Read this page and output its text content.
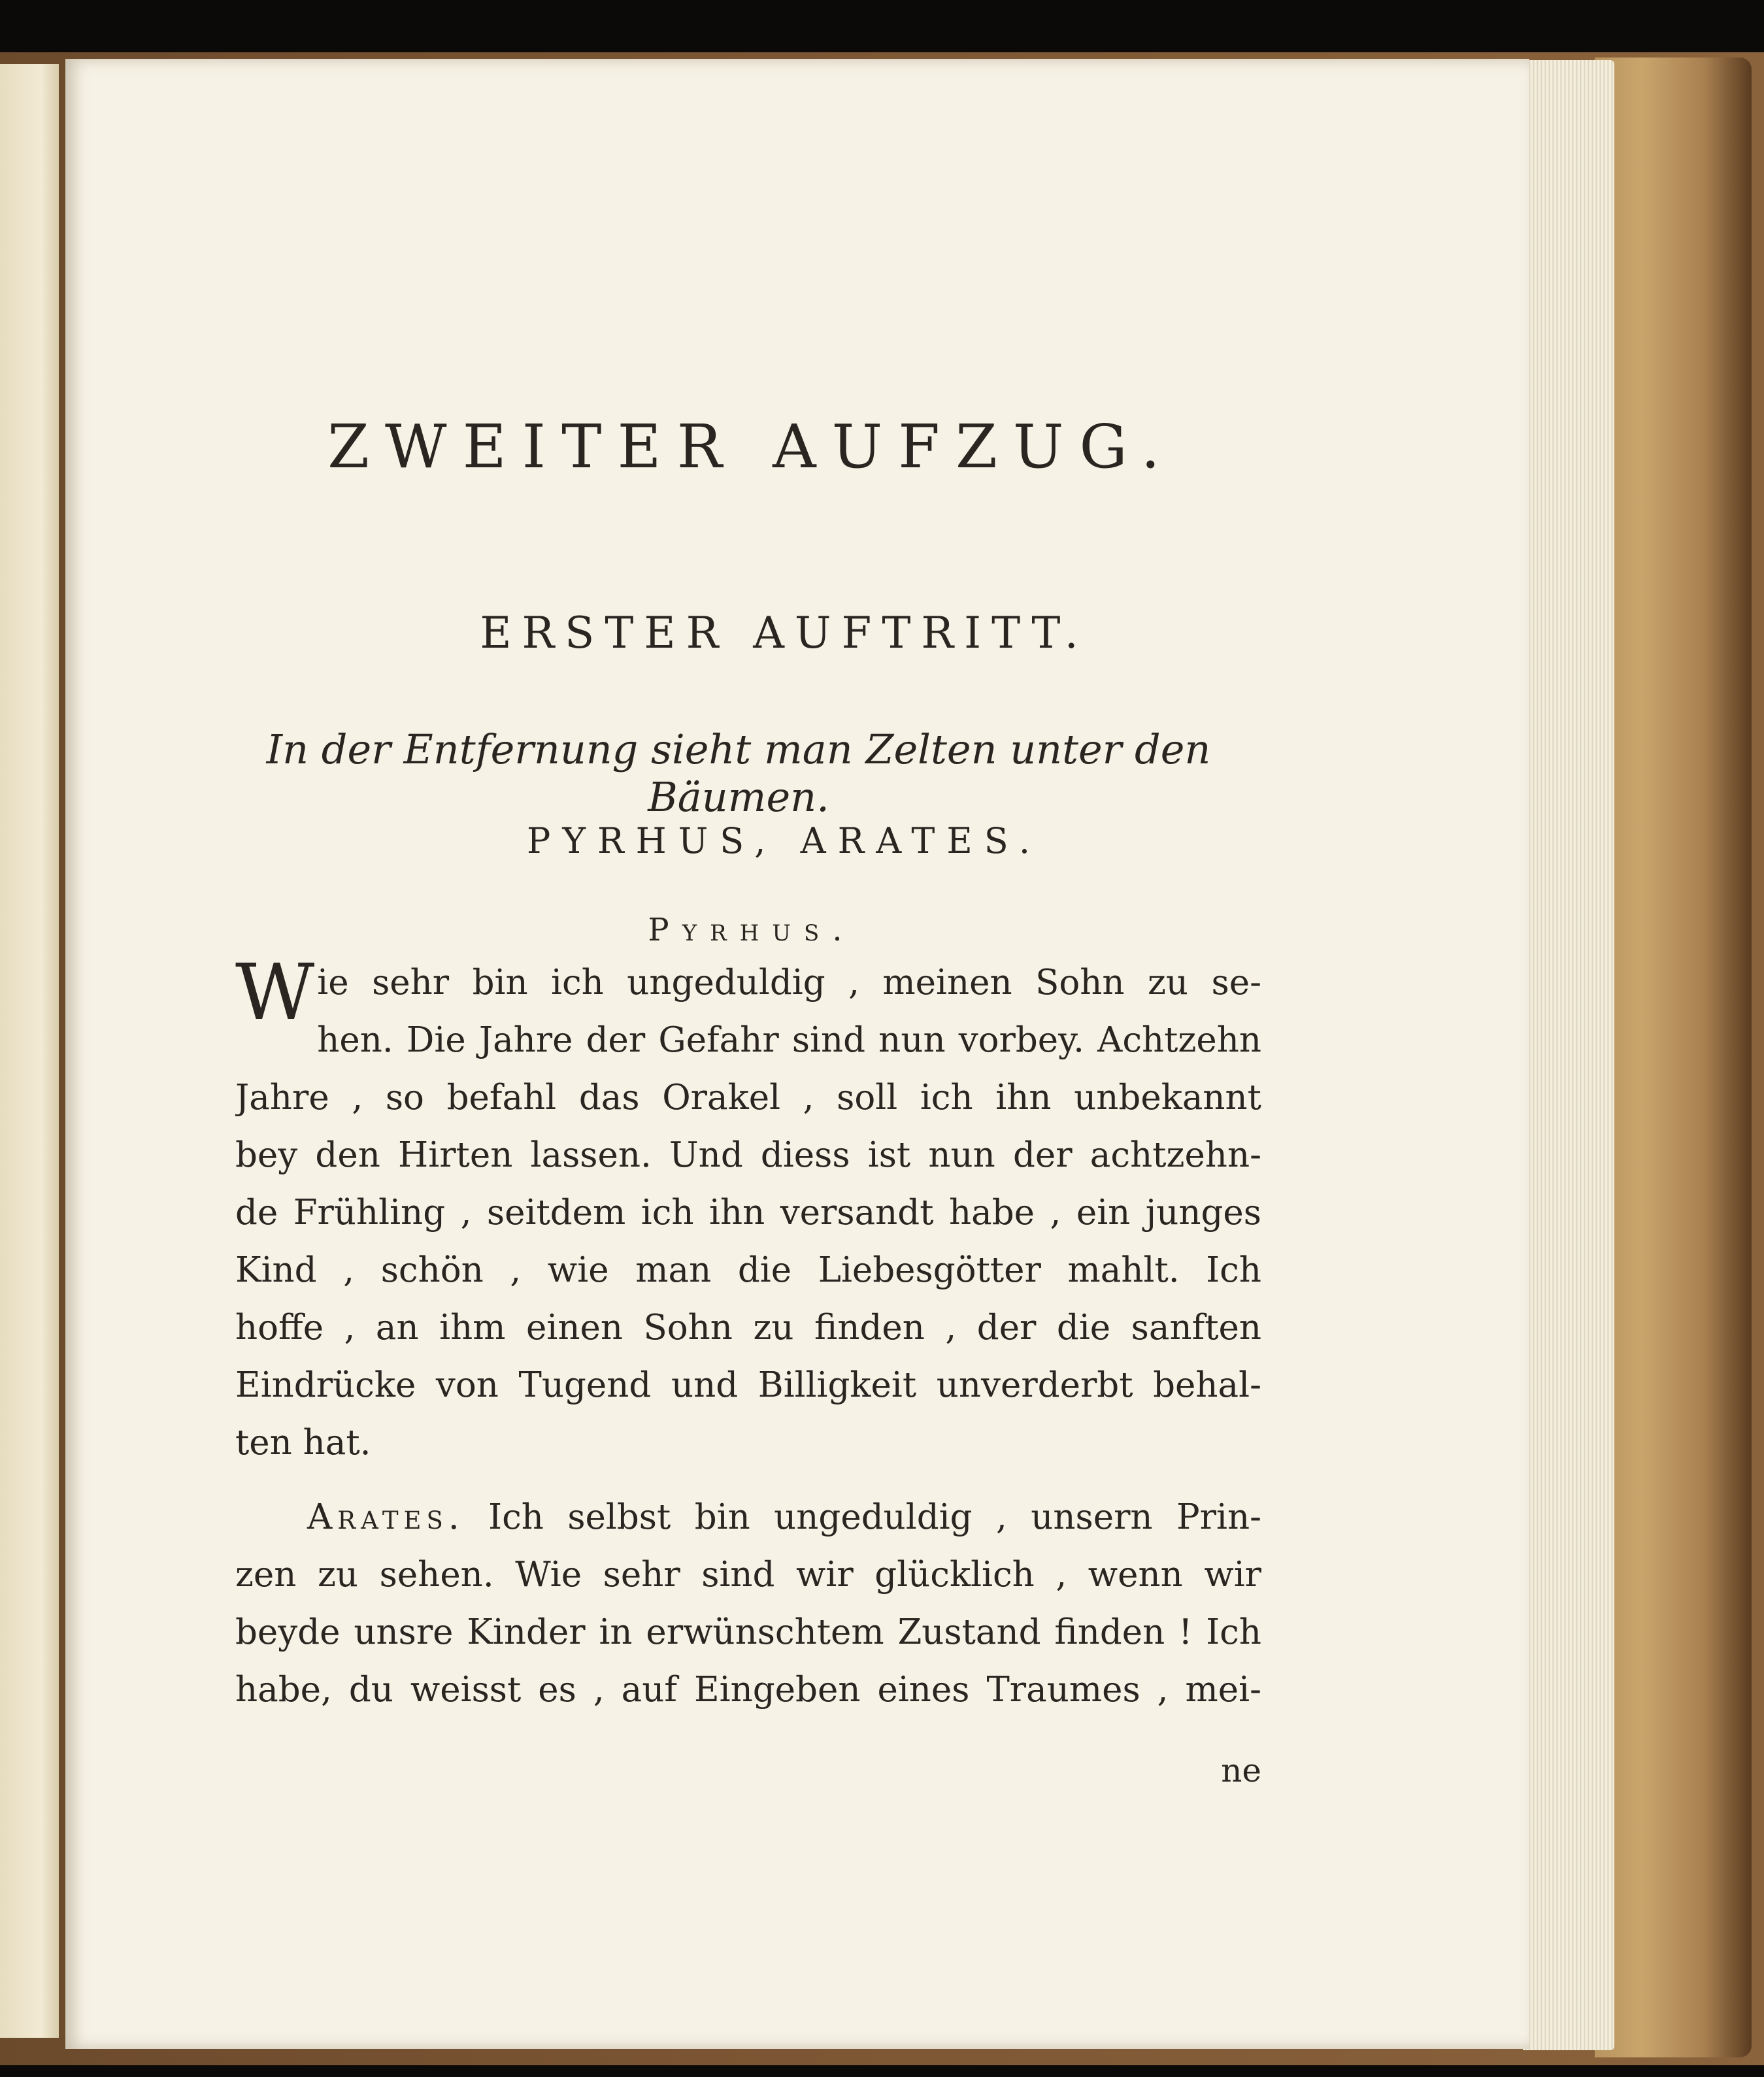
ZWEITER AUFZUG.
ERSTER AUFTRITT.
In der Entfernung sieht man Zelten unter den Bäumen.
PYRHUS, ARATES.
Pyrhus.
W ie sehr bin ich ungeduldig , meinen Sohn zu se-
hen. Die Jahre der Gefahr sind nun vorbey. Achtzehn
Jahre , so befahl das Orakel , soll ich ihn unbekannt
bey den Hirten lassen. Und diess ist nun der achtzehn-
de Frühling , seitdem ich ihn versandt habe , ein junges
Kind , schön , wie man die Liebesgötter mahlt. Ich
hoffe , an ihm einen Sohn zu finden , der die sanften
Eindrücke von Tugend und Billigkeit unverderbt behal-
ten hat.
Arates. Ich selbst bin ungeduldig , unsern Prin-
zen zu sehen. Wie sehr sind wir glücklich , wenn wir
beyde unsre Kinder in erwünschtem Zustand finden ! Ich
habe, du weisst es , auf Eingeben eines Traumes , mei-
ne
